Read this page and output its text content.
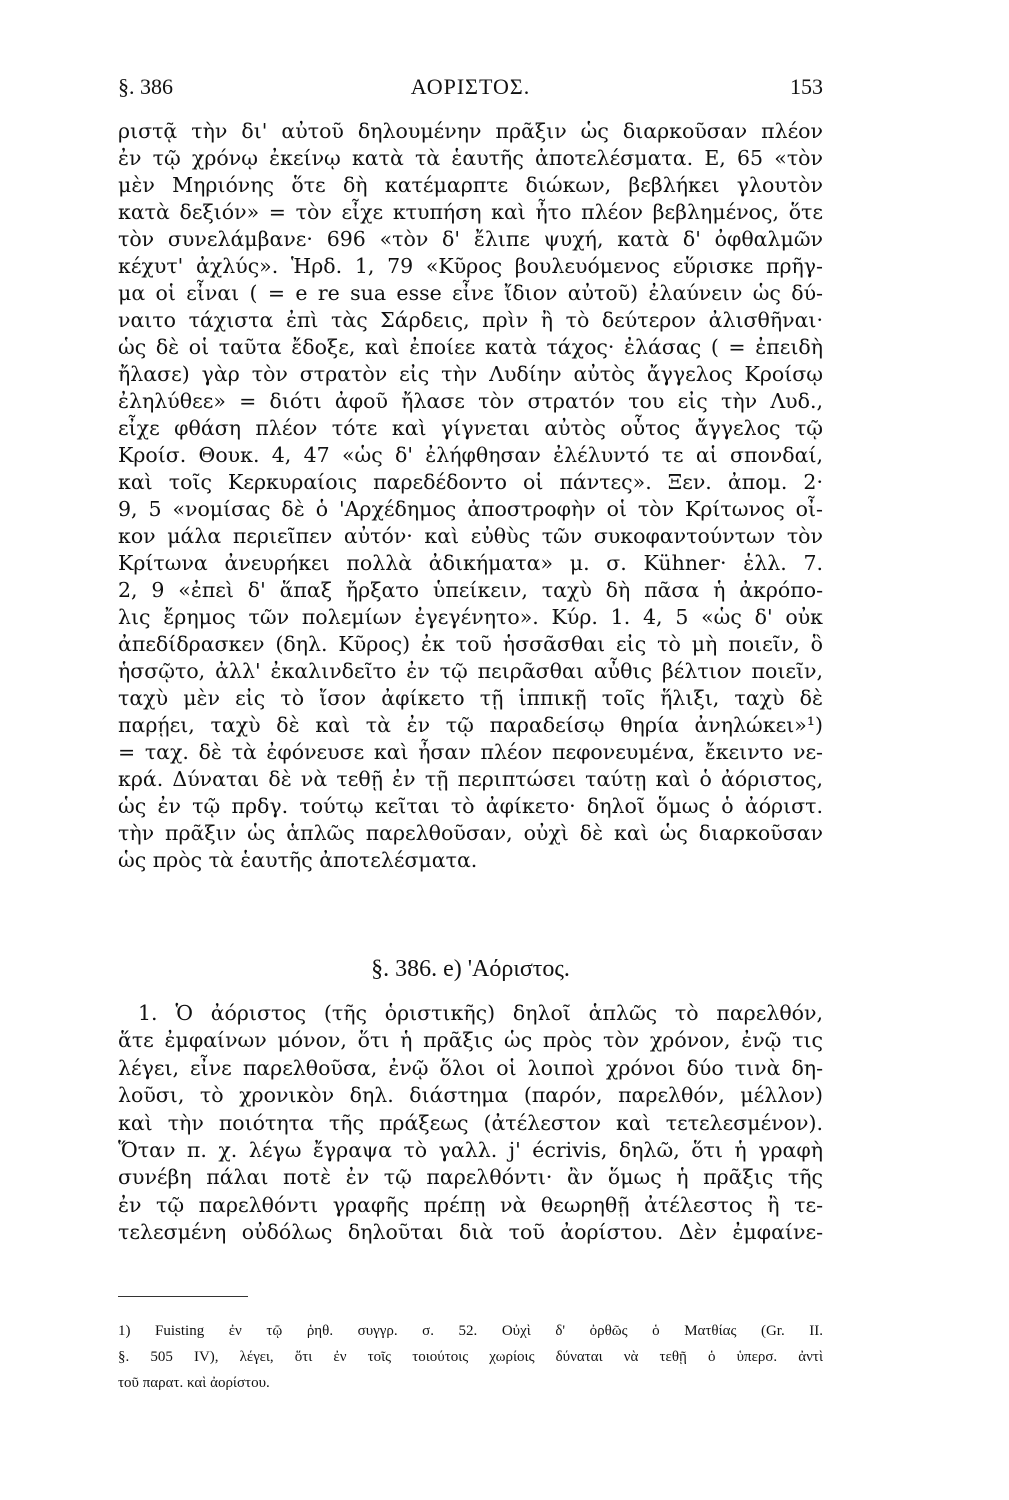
§. 386	ΑΟΡΙΣΤΟΣ.	153
ριστᾷ τὴν δι' αὐτοῦ δηλουμένην πρᾶξιν ὡς διαρκοῦσαν πλέον
ἐν τῷ χρόνῳ ἐκείνῳ κατὰ τὰ ἑαυτῆς ἀποτελέσματα. Ε, 65 «τὸν
μὲν Μηριόνης ὅτε δὴ κατέμαρπτε διώκων, βεβλήκει γλουτὸν
κατὰ δεξιόν» = τὸν εἶχε κτυπήση καὶ ἦτο πλέον βεβλημένος, ὅτε
τὸν συνελάμβανε· 696 «τὸν δ' ἔλιπε ψυχή, κατὰ δ' ὀφθαλμῶν
κέχυτ' ἀχλύς». Ἡρδ. 1, 79 «Κῦρος βουλευόμενος εὕρισκε πρῆγ-
μα οἱ εἶναι ( = e re sua esse εἶνε ἴδιον αὐτοῦ) ἐλαύνειν ὡς δύ-
ναιτο τάχιστα ἐπὶ τὰς Σάρδεις, πρὶν ἢ τὸ δεύτερον ἀλισθῆναι·
ὡς δὲ οἱ ταῦτα ἔδοξε, καὶ ἐποίεε κατὰ τάχος· ἐλάσας ( = ἐπειδὴ
ἤλασε) γὰρ τὸν στρατὸν εἰς τὴν Λυδίην αὐτὸς ἄγγελος Κροίσῳ
ἐληλύθεε» = διότι ἀφοῦ ἤλασε τὸν στρατόν του εἰς τὴν Λυδ.,
εἶχε φθάση πλέον τότε καὶ γίγνεται αὐτὸς οὗτος ἄγγελος τῷ
Κροίσ. Θουκ. 4, 47 «ὡς δ' ἐλήφθησαν ἐλέλυντό τε αἱ σπονδαί,
καὶ τοῖς Κερκυραίοις παρεδέδοντο οἱ πάντες». Ξεν. ἀπομ. 2·
9, 5 «νομίσας δὲ ὁ 'Αρχέδημος ἀποστροφὴν οἱ τὸν Κρίτωνος οἶ-
κον μάλα περιεῖπεν αὐτόν· καὶ εὐθὺς τῶν συκοφαντούντων τὸν
Κρίτωνα ἀνευρήκει πολλὰ ἀδικήματα» μ. σ. Kühner· ἑλλ. 7.
2, 9 «ἐπεὶ δ' ἅπαξ ἤρξατο ὑπείκειν, ταχὺ δὴ πᾶσα ἡ ἀκρόπο-
λις ἔρημος τῶν πολεμίων ἐγεγένητο». Κύρ. 1. 4, 5 «ὡς δ' οὐκ
ἀπεδίδρασκεν (δηλ. Κῦρος) ἐκ τοῦ ἡσσᾶσθαι εἰς τὸ μὴ ποιεῖν, ὃ
ἡσσῷτο, ἀλλ' ἐκαλινδεῖτο ἐν τῷ πειρᾶσθαι αὖθις βέλτιον ποιεῖν,
ταχὺ μὲν εἰς τὸ ἴσον ἀφίκετο τῇ ἱππικῇ τοῖς ἥλιξι, ταχὺ δὲ
παρῄει, ταχὺ δὲ καὶ τὰ ἐν τῷ παραδείσῳ θηρία ἀνηλώκει»¹)
= ταχ. δὲ τὰ ἐφόνευσε καὶ ἦσαν πλέον πεφονευμένα, ἔκειντο νε-
κρά. Δύναται δὲ νὰ τεθῇ ἐν τῇ περιπτώσει ταύτῃ καὶ ὁ ἀόριστος,
ὡς ἐν τῷ πρδγ. τούτῳ κεῖται τὸ ἀφίκετο· δηλοῖ ὅμως ὁ ἀόριστ.
τὴν πρᾶξιν ὡς ἁπλῶς παρελθοῦσαν, οὐχὶ δὲ καὶ ὡς διαρκοῦσαν
ὡς πρὸς τὰ ἑαυτῆς ἀποτελέσματα.
§. 386. e) 'Αόριστος.
1. Ὁ ἀόριστος (τῆς ὁριστικῆς) δηλοῖ ἁπλῶς τὸ παρελθόν,
ἅτε ἐμφαίνων μόνον, ὅτι ἡ πρᾶξις ὡς πρὸς τὸν χρόνον, ἐνῷ τις
λέγει, εἶνε παρελθοῦσα, ἐνῷ ὅλοι οἱ λοιποὶ χρόνοι δύο τινὰ δη-
λοῦσι, τὸ χρονικὸν δηλ. διάστημα (παρόν, παρελθόν, μέλλον)
καὶ τὴν ποιότητα τῆς πράξεως (ἀτέλεστον καὶ τετελεσμένον).
Ὅταν π. χ. λέγω ἔγραψα τὸ γαλλ. j' écrivis, δηλῶ, ὅτι ἡ γραφὴ
συνέβη πάλαι ποτὲ ἐν τῷ παρελθόντι· ἂν ὅμως ἡ πρᾶξις τῆς
ἐν τῷ παρελθόντι γραφῆς πρέπῃ νὰ θεωρηθῇ ἀτέλεστος ἢ τε-
τελεσμένη οὐδόλως δηλοῦται διὰ τοῦ ἀορίστου. Δὲν ἐμφαίνε-
1) Fuisting ἐν τῷ ῥηθ. συγγρ. σ. 52. Οὐχὶ δ' ὀρθῶς ὁ Ματθίας (Gr. II.
§. 505 IV), λέγει, ὅτι ἐν τοῖς τοιούτοις χωρίοις δύναται νὰ τεθῇ ὁ ὑπερσ. ἀντὶ
τοῦ παρατ. καὶ ἀορίστου.
